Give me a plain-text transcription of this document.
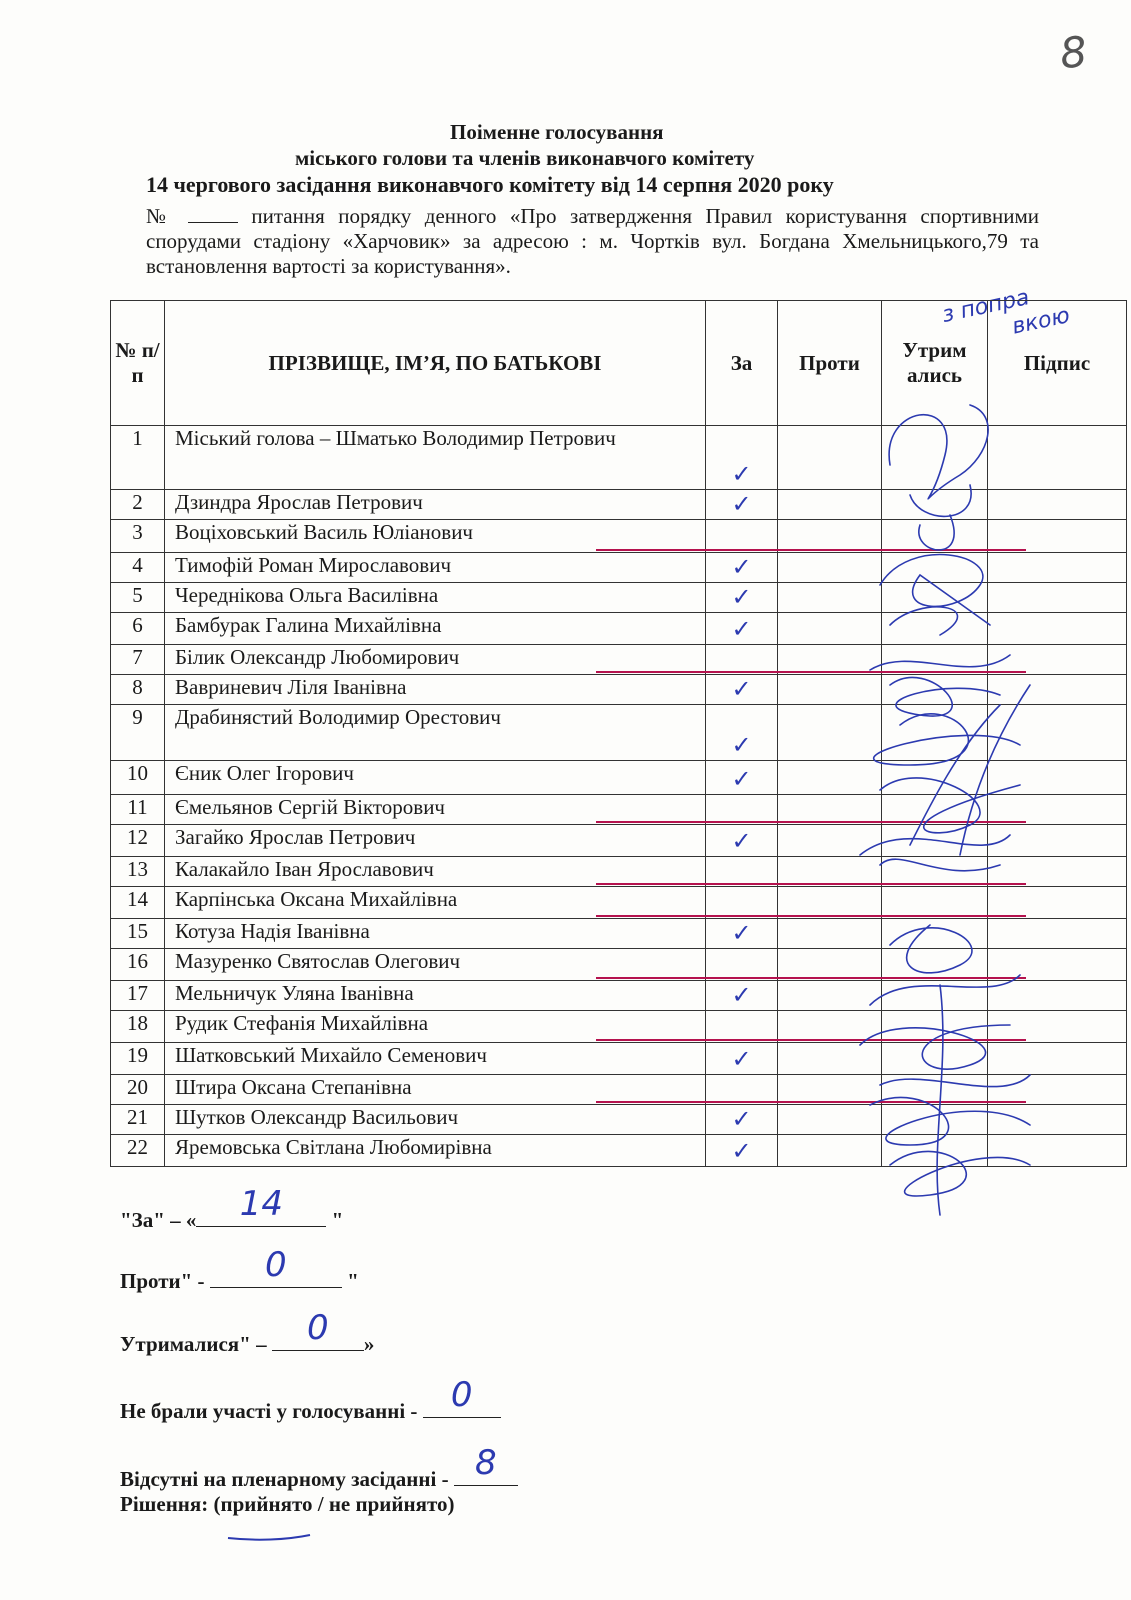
8
Поіменне голосування
міського голови та членів виконавчого комітету
14 чергового засідання виконавчого комітету від 14 серпня 2020 року
№	питання порядку денного «Про затвердження Правил користування спортивними спорудами стадіону «Харчовик» за адресою : м. Чортків вул. Богдана Хмельницького,79 та встановлення вартості за користування».
з попра
вкою
№ п/п	ПРІЗВИЩЕ, ІМ’Я, ПО БАТЬКОВІ	За	Проти	Утрим ались	Підпис
1	Міський голова – Шматько Володимир Петрович	✓			
2	Дзиндра Ярослав Петрович	✓			
3	Воціховський Василь Юліанович				
4	Тимофій Роман Мирославович	✓			
5	Череднікова Ольга Василівна	✓			
6	Бамбурак Галина Михайлівна	✓			
7	Білик Олександр Любомирович				
8	Вавриневич Ліля Іванівна	✓			
9	Драбинястий Володимир Орестович	✓			
10	Єник Олег Ігорович	✓			
11	Ємельянов Сергій Вікторович				
12	Загайко Ярослав Петрович	✓			
13	Калакайло Іван Ярославович				
14	Карпінська Оксана Михайлівна				
15	Котуза Надія Іванівна	✓			
16	Мазуренко Святослав Олегович				
17	Мельничук Уляна Іванівна	✓			
18	Рудик Стефанія Михайлівна				
19	Шатковський Михайло Семенович	✓			
20	Штира Оксана Степанівна				
21	Шутков Олександр Васильович	✓			
22	Яремовська Світлана Любомирівна	✓			
"За" – « 14 "
Проти" - 0	"
Утрималися" – 0 »
Не брали участі у голосуванні - 0
Відсутні на пленарному засіданні - 8
Рішення: (прийнято / не прийнято)
